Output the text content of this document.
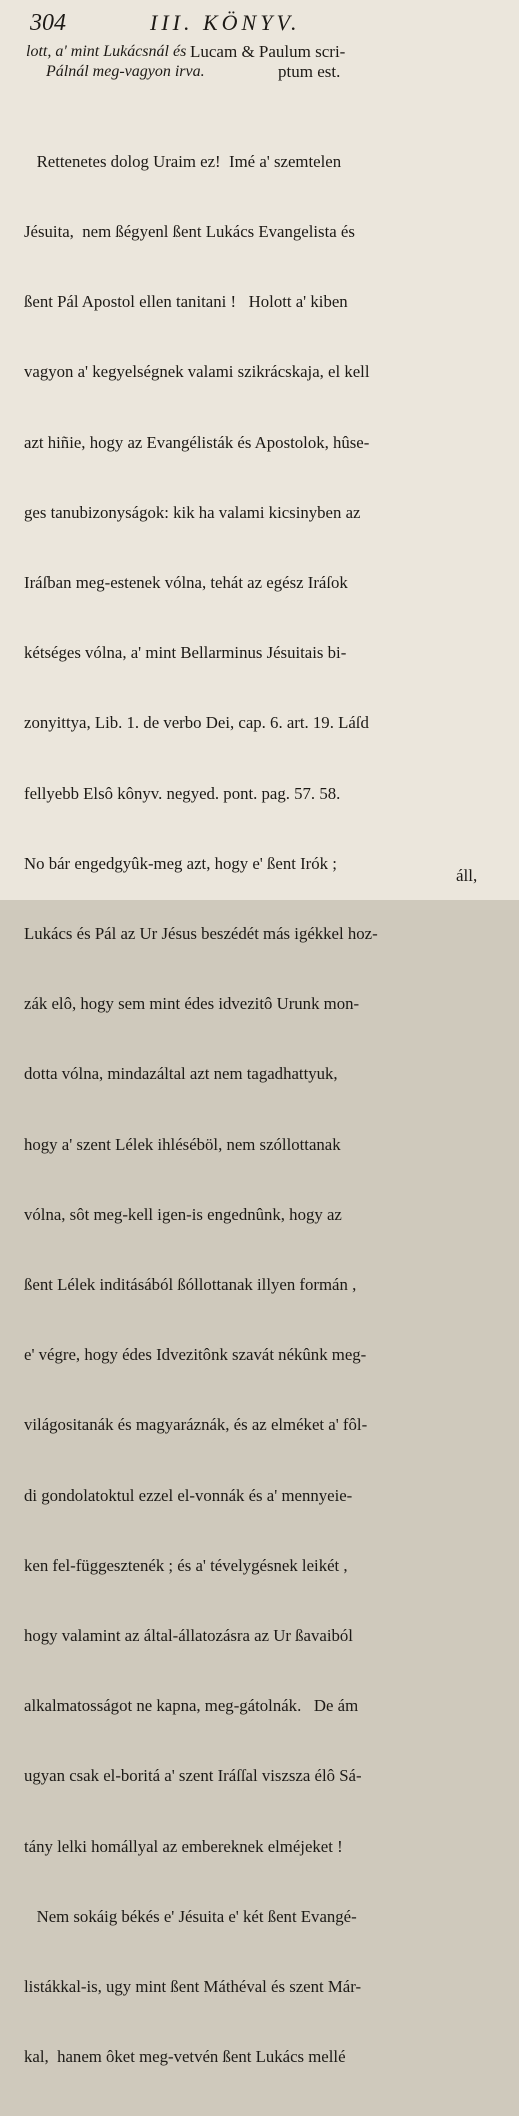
304	III. KÖNYV.
lott, a' mint Lukácsnál és
Pálnál meg-vagyon irva.
Lucam & Paulum scri-
ptum est.

Rettenetes dolog Uraim ez!  Imé a' szemtelen

Jésuita,  nem ßégyenl ßent Lukács Evangelista és

ßent Pál Apostol ellen tanitani !   Holott a' kiben

vagyon a' kegyelségnek valami szikrácskaja, el kell

azt hiñie, hogy az Evangélisták és Apostolok, hûse-

ges tanubizonyságok: kik ha valami kicsinyben az

Iráſban meg-estenek vólna, tehát az egész Iráſok

kétséges vólna, a' mint Bellarminus Jésuitais bi-

zonyittya, Lib. 1. de verbo Dei, cap. 6. art. 19. Láſd

fellyebb Elsô kônyv. negyed. pont. pag. 57. 58.

No bár engedgyûk-meg azt, hogy e' ßent Irók ;

Lukács és Pál az Ur Jésus beszédét más igékkel hoz-

zák elô, hogy sem mint édes idvezitô Urunk mon-

dotta vólna, mindazáltal azt nem tagadhattyuk,

hogy a' szent Lélek ihléséböl, nem szóllottanak

vólna, sôt meg-kell igen-is engednûnk, hogy az

ßent Lélek inditásából ßóllottanak illyen formán ,

e' végre, hogy édes Idvezitônk szavát nékûnk meg-

világositanák és magyaráznák, és az elméket a' fôl-

di gondolatoktul ezzel el-vonnák és a' mennyeie-

ken fel-függesztenék ; és a' tévelygésnek leikét ,

hogy valamint az által-állatozásra az Ur ßavaiból

alkalmatosságot ne kapna, meg-gátolnák.   De ám

ugyan csak el-boritá a' szent Iráſſal viszsza élô Sá-

tány lelki homállyal az embereknek elméjeket !

Nem sokáig békés e' Jésuita e' két ßent Evangé-

listákkal-is, ugy mint ßent Máthéval és szent Már-

kal,  hanem ôket meg-vetvén ßent Lukács mellé

áll,
